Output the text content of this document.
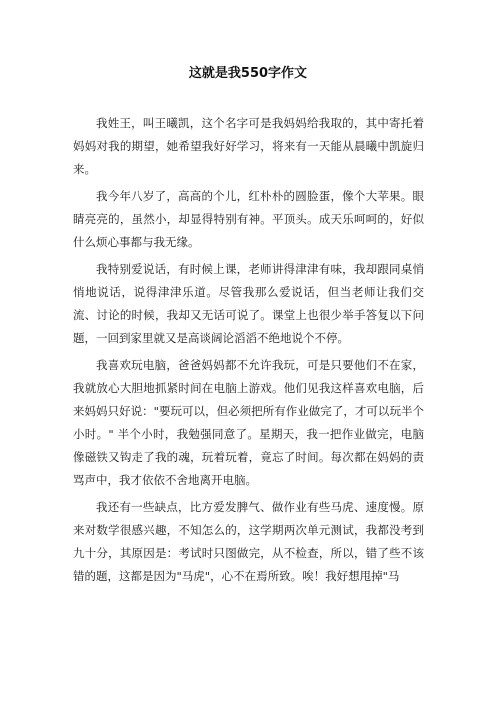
这就是我550字作文

我姓王，叫王曦凯，这个名字可是我妈妈给我取的，其中寄托着妈妈对我的期望，她希望我好好学习，将来有一天能从晨曦中凯旋归来。

我今年八岁了，高高的个儿，红朴朴的圆脸蛋，像个大苹果。眼睛亮亮的，虽然小，却显得特别有神。平顶头。成天乐呵呵的，好似什么烦心事都与我无缘。

我特别爱说话，有时候上课，老师讲得津津有味，我却跟同桌悄悄地说话，说得津津乐道。尽管我那么爱说话，但当老师让我们交流、讨论的时候，我却又无话可说了。课堂上也很少举手答复以下问题，一回到家里就又是高谈阔论滔滔不绝地说个不停。

我喜欢玩电脑，爸爸妈妈都不允许我玩，可是只要他们不在家，我就放心大胆地抓紧时间在电脑上游戏。他们见我这样喜欢电脑，后来妈妈只好说："要玩可以，但必须把所有作业做完了，才可以玩半个小时。" 半个小时，我勉强同意了。星期天，我一把作业做完，电脑像磁铁又钩走了我的魂，玩着玩着，竟忘了时间。每次都在妈妈的责骂声中，我才依依不舍地离开电脑。

我还有一些缺点，比方爱发脾气、做作业有些马虎、速度慢。原来对数学很感兴趣，不知怎么的，这学期两次单元测试，我都没考到九十分，其原因是：考试时只图做完，从不检查，所以，错了些不该错的题，这都是因为"马虎"，心不在焉所致。唉！我好想甩掉"马
